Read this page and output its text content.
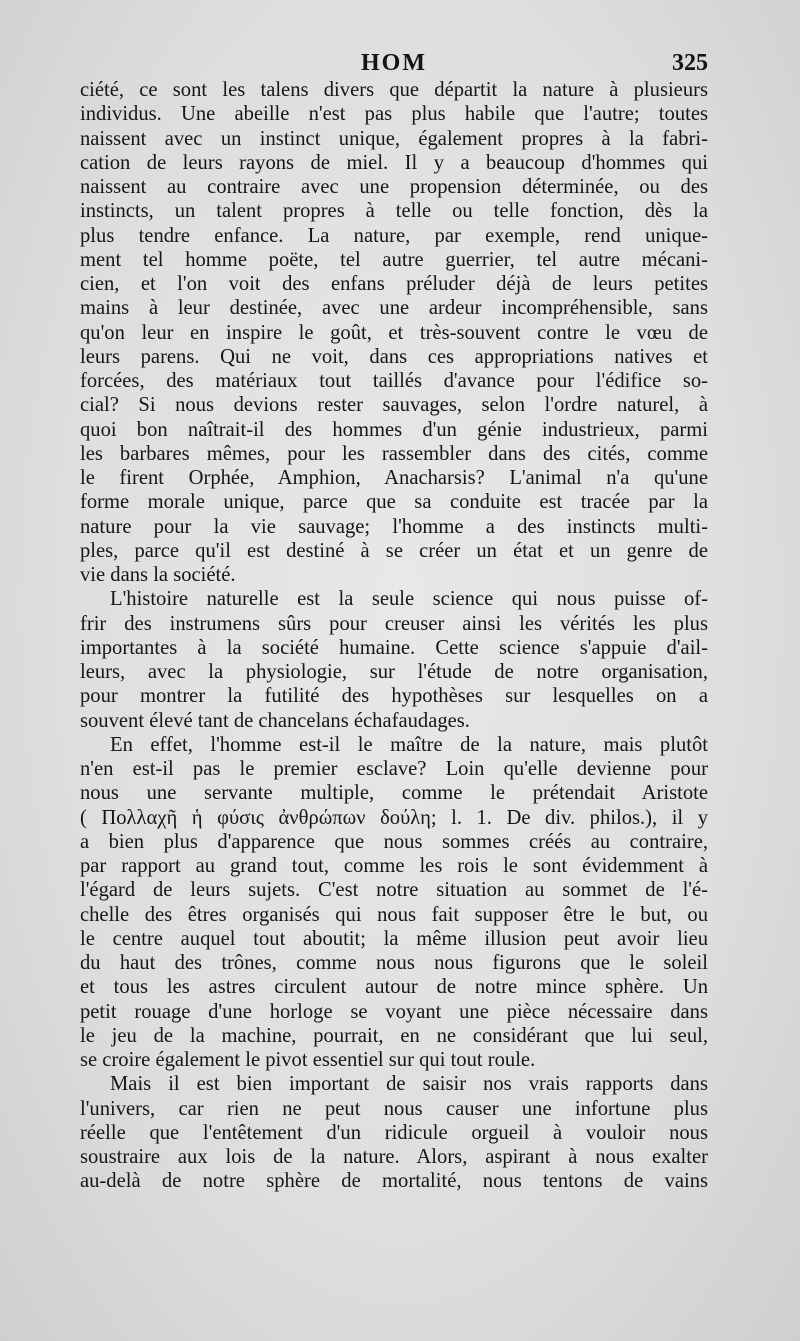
HOM	325
ciété, ce sont les talens divers que départit la nature à plusieurs
individus. Une abeille n'est pas plus habile que l'autre; toutes
naissent avec un instinct unique, également propres à la fabri-
cation de leurs rayons de miel. Il y a beaucoup d'hommes qui
naissent au contraire avec une propension déterminée, ou des
instincts, un talent propres à telle ou telle fonction, dès la
plus tendre enfance. La nature, par exemple, rend unique-
ment tel homme poëte, tel autre guerrier, tel autre mécani-
cien, et l'on voit des enfans préluder déjà de leurs petites
mains à leur destinée, avec une ardeur incompréhensible, sans
qu'on leur en inspire le goût, et très-souvent contre le vœu de
leurs parens. Qui ne voit, dans ces appropriations natives et
forcées, des matériaux tout taillés d'avance pour l'édifice so-
cial? Si nous devions rester sauvages, selon l'ordre naturel, à
quoi bon naîtrait-il des hommes d'un génie industrieux, parmi
les barbares mêmes, pour les rassembler dans des cités, comme
le firent Orphée, Amphion, Anacharsis? L'animal n'a qu'une
forme morale unique, parce que sa conduite est tracée par la
nature pour la vie sauvage; l'homme a des instincts multi-
ples, parce qu'il est destiné à se créer un état et un genre de
vie dans la société.
L'histoire naturelle est la seule science qui nous puisse of-
frir des instrumens sûrs pour creuser ainsi les vérités les plus
importantes à la société humaine. Cette science s'appuie d'ail-
leurs, avec la physiologie, sur l'étude de notre organisation,
pour montrer la futilité des hypothèses sur lesquelles on a
souvent élevé tant de chancelans échafaudages.
En effet, l'homme est-il le maître de la nature, mais plutôt
n'en est-il pas le premier esclave? Loin qu'elle devienne pour
nous une servante multiple, comme le prétendait Aristote
( Πολλαχῆ ἡ φύσις ἀνθρώπων δούλη; l. 1. De div. philos.), il y
a bien plus d'apparence que nous sommes créés au contraire,
par rapport au grand tout, comme les rois le sont évidemment à
l'égard de leurs sujets. C'est notre situation au sommet de l'é-
chelle des êtres organisés qui nous fait supposer être le but, ou
le centre auquel tout aboutit; la même illusion peut avoir lieu
du haut des trônes, comme nous nous figurons que le soleil
et tous les astres circulent autour de notre mince sphère. Un
petit rouage d'une horloge se voyant une pièce nécessaire dans
le jeu de la machine, pourrait, en ne considérant que lui seul,
se croire également le pivot essentiel sur qui tout roule.
Mais il est bien important de saisir nos vrais rapports dans
l'univers, car rien ne peut nous causer une infortune plus
réelle que l'entêtement d'un ridicule orgueil à vouloir nous
soustraire aux lois de la nature. Alors, aspirant à nous exalter
au-delà de notre sphère de mortalité, nous tentons de vains
